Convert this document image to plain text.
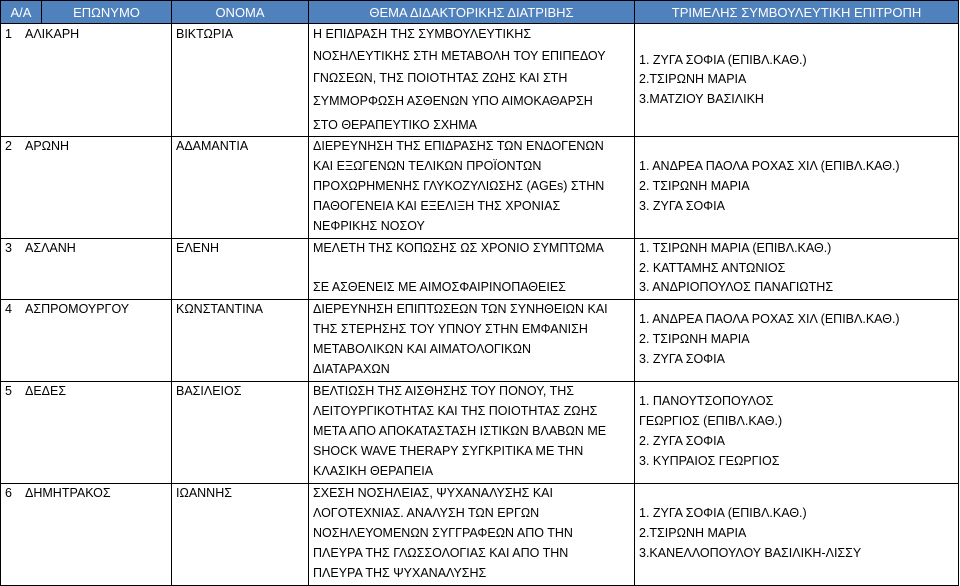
Α/Α	ΕΠΩΝΥΜΟ	ΟΝΟΜΑ	ΘΕΜΑ ΔΙΔΑΚΤΟΡΙΚΗΣ ΔΙΑΤΡΙΒΗΣ	ΤΡΙΜΕΛΗΣ ΣΥΜΒΟΥΛΕΥΤΙΚΗ ΕΠΙΤΡΟΠΗ

1 ΑΛΙΚΑΡΗ		ΒΙΚΤΩΡΙΑ	Η ΕΠΙΔΡΑΣΗ ΤΗΣ ΣΥΜΒΟΥΛΕΥΤΙΚΗΣ
ΝΟΣΗΛΕΥΤΙΚΗΣ ΣΤΗ ΜΕΤΑΒΟΛΗ ΤΟΥ ΕΠΙΠΕΔΟΥ
ΓΝΩΣΕΩΝ, ΤΗΣ ΠΟΙΟΤΗΤΑΣ ΖΩΗΣ ΚΑΙ ΣΤΗ
ΣΥΜΜΟΡΦΩΣΗ ΑΣΘΕΝΩΝ ΥΠΟ ΑΙΜΟΚΑΘΑΡΣΗ
ΣΤΟ ΘΕΡΑΠΕΥΤΙΚΟ ΣΧΗΜΑ	1. ΖΥΓΑ ΣΟΦΙΑ (ΕΠΙΒΛ.ΚΑΘ.)
2.ΤΣΙΡΩΝΗ ΜΑΡΙΑ
3.ΜΑΤΖΙΟΥ ΒΑΣΙΛΙΚΗ

2 ΑΡΩΝΗ		ΑΔΑΜΑΝΤΙΑ	ΔΙΕΡΕΥΝΗΣΗ ΤΗΣ ΕΠΙΔΡΑΣΗΣ ΤΩΝ ΕΝΔΟΓΕΝΩΝ
ΚΑΙ ΕΞΩΓΕΝΩΝ ΤΕΛΙΚΩΝ ΠΡΟΪΟΝΤΩΝ
ΠΡΟΧΩΡΗΜΕΝΗΣ ΓΛΥΚΟΖΥΛΙΩΣΗΣ (AGEs) ΣΤΗΝ
ΠΑΘΟΓΕΝΕΙΑ ΚΑΙ ΕΞΕΛΙΞΗ ΤΗΣ ΧΡΟΝΙΑΣ
ΝΕΦΡΙΚΗΣ ΝΟΣΟΥ	1. ΑΝΔΡΕΑ ΠΑΟΛΑ ΡΟΧΑΣ ΧΙΛ (ΕΠΙΒΛ.ΚΑΘ.)
2. ΤΣΙΡΩΝΗ ΜΑΡΙΑ
3. ΖΥΓΑ ΣΟΦΙΑ

3 ΑΣΛΑΝΗ		ΕΛΕΝΗ	ΜΕΛΕΤΗ ΤΗΣ ΚΟΠΩΣΗΣ ΩΣ ΧΡΟΝΙΟ ΣΥΜΠΤΩΜΑ
ΣΕ ΑΣΘΕΝΕΙΣ ΜΕ ΑΙΜΟΣΦΑΙΡΙΝΟΠΑΘΕΙΕΣ	1. ΤΣΙΡΩΝΗ ΜΑΡΙΑ (ΕΠΙΒΛ.ΚΑΘ.)
2. ΚΑΤΤΑΜΗΣ ΑΝΤΩΝΙΟΣ
3. ΑΝΔΡΙΟΠΟΥΛΟΣ ΠΑΝΑΓΙΩΤΗΣ

4 ΑΣΠΡΟΜΟΥΡΓΟΥ		ΚΩΝΣΤΑΝΤΙΝΑ	ΔΙΕΡΕΥΝΗΣΗ ΕΠΙΠΤΩΣΕΩΝ ΤΩΝ ΣΥΝΗΘΕΙΩΝ ΚΑΙ
ΤΗΣ ΣΤΕΡΗΣΗΣ ΤΟΥ ΥΠΝΟΥ ΣΤΗΝ ΕΜΦΑΝΙΣΗ
ΜΕΤΑΒΟΛΙΚΩΝ ΚΑΙ ΑΙΜΑΤΟΛΟΓΙΚΩΝ
ΔΙΑΤΑΡΑΧΩΝ	1. ΑΝΔΡΕΑ ΠΑΟΛΑ ΡΟΧΑΣ ΧΙΛ (ΕΠΙΒΛ.ΚΑΘ.)
2. ΤΣΙΡΩΝΗ ΜΑΡΙΑ
3. ΖΥΓΑ ΣΟΦΙΑ

5 ΔΕΔΕΣ		ΒΑΣΙΛΕΙΟΣ	ΒΕΛΤΙΩΣΗ ΤΗΣ ΑΙΣΘΗΣΗΣ ΤΟΥ ΠΟΝΟΥ, ΤΗΣ
ΛΕΙΤΟΥΡΓΙΚΟΤΗΤΑΣ ΚΑΙ ΤΗΣ ΠΟΙΟΤΗΤΑΣ ΖΩΗΣ
ΜΕΤΑ ΑΠΟ ΑΠΟΚΑΤΑΣΤΑΣΗ ΙΣΤΙΚΩΝ ΒΛΑΒΩΝ ΜΕ
SHOCK WAVE THERAPY ΣΥΓΚΡΙΤΙΚΑ ΜΕ ΤΗΝ
ΚΛΑΣΙΚΗ ΘΕΡΑΠΕΙΑ	1. ΠΑΝΟΥΤΣΟΠΟΥΛΟΣ
ΓΕΩΡΓΙΟΣ (ΕΠΙΒΛ.ΚΑΘ.)
2. ΖΥΓΑ ΣΟΦΙΑ
3. ΚΥΠΡΑΙΟΣ ΓΕΩΡΓΙΟΣ

6 ΔΗΜΗΤΡΑΚΟΣ		ΙΩΑΝΝΗΣ	ΣΧΕΣΗ ΝΟΣΗΛΕΙΑΣ, ΨΥΧΑΝΑΛΥΣΗΣ ΚΑΙ
ΛΟΓΟΤΕΧΝΙΑΣ. ΑΝΑΛΥΣΗ ΤΩΝ ΕΡΓΩΝ
ΝΟΣΗΛΕΥΟΜΕΝΩΝ ΣΥΓΓΡΑΦΕΩΝ ΑΠΟ ΤΗΝ
ΠΛΕΥΡΑ ΤΗΣ ΓΛΩΣΣΟΛΟΓΙΑΣ ΚΑΙ ΑΠΟ ΤΗΝ
ΠΛΕΥΡΑ ΤΗΣ ΨΥΧΑΝΑΛΥΣΗΣ	1. ΖΥΓΑ ΣΟΦΙΑ (ΕΠΙΒΛ.ΚΑΘ.)
2.ΤΣΙΡΩΝΗ ΜΑΡΙΑ
3.ΚΑΝΕΛΛΟΠΟΥΛΟΥ ΒΑΣΙΛΙΚΗ-ΛΙΣΣΥ
